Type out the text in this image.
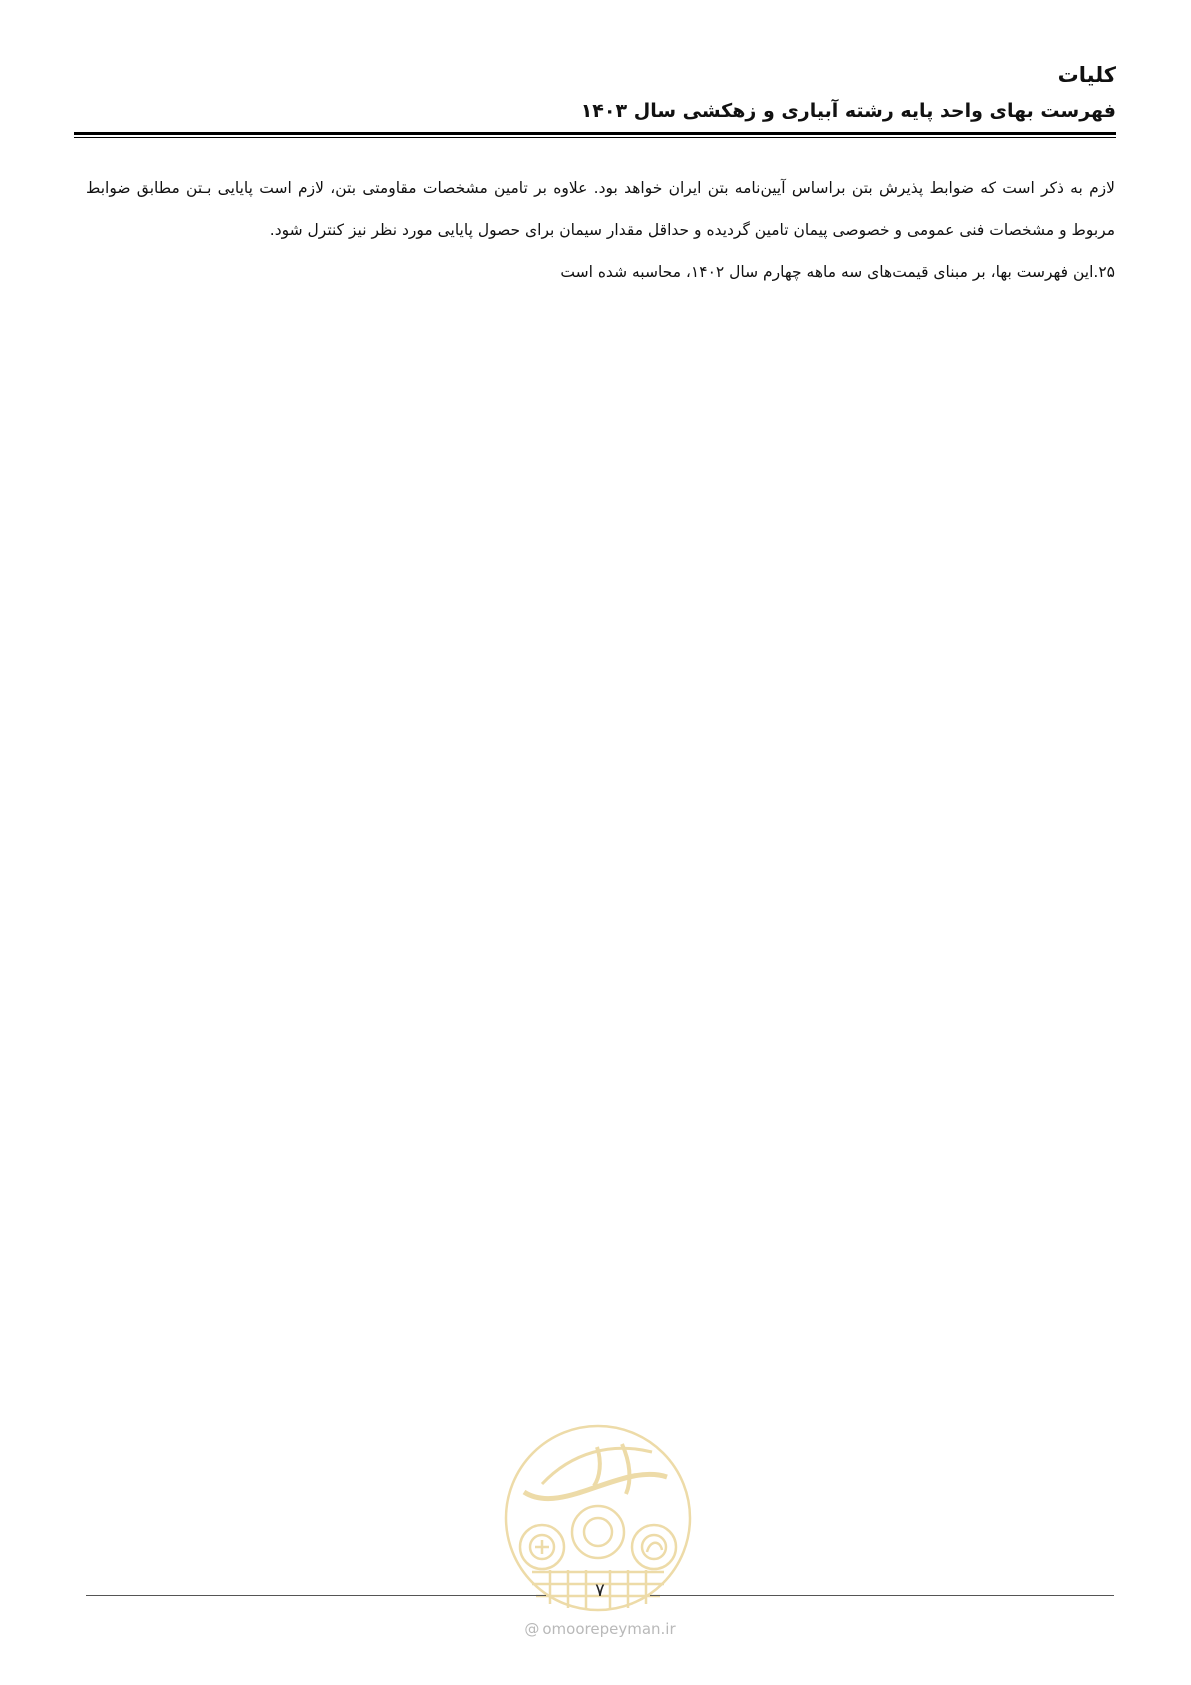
کلیات
فهرست بهای واحد پایه رشته آبیاری و زهکشی سال ۱۴۰۳

لازم به ذکر است که ضوابط پذیرش بتن براساس آیین‌نامه بتن ایران خواهد بود. علاوه بر تامین مشخصات مقاومتی بتن، لازم است پایایی بـتن مطابق ضوابط مربوط و مشخصات فنی عمومی و خصوصی پیمان تامین گردیده و حداقل مقدار سیمان برای حصول پایایی مورد نظر نیز کنترل شود.

۲۵.این فهرست بها، بر مبنای قیمت‌های سه ماهه چهارم سال ۱۴۰۲، محاسبه شده است

۷
@ omoorepeyman.ir
